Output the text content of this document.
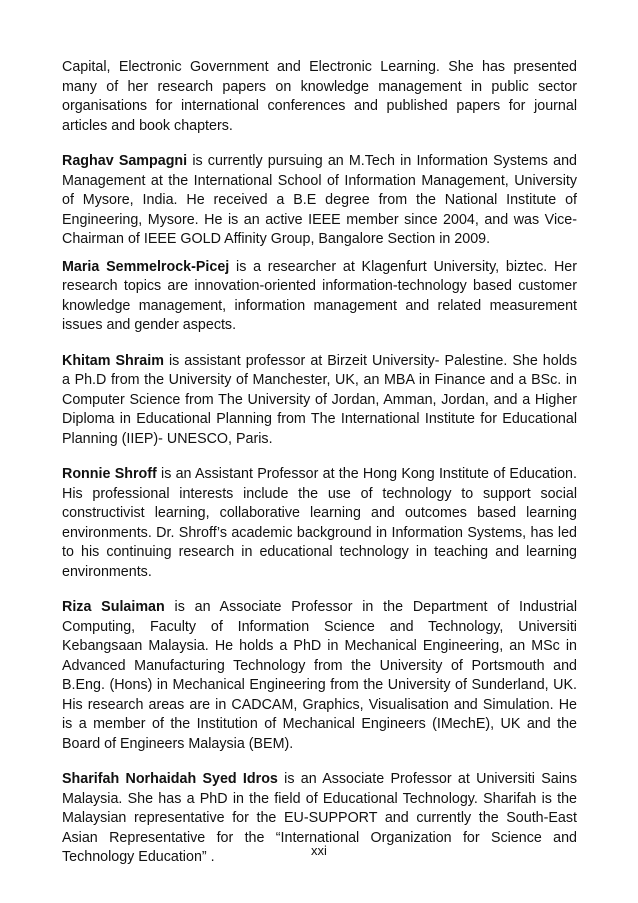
Capital, Electronic Government and Electronic Learning. She has presented many of her research papers on knowledge management in public sector organisations for international conferences and published papers for journal articles and book chapters.

Raghav Sampagni is currently pursuing an M.Tech in Information Systems and Management at the International School of Information Management, University of Mysore, India. He received a B.E degree from the National Institute of Engineering, Mysore. He is an active IEEE member since 2004, and was Vice-Chairman of IEEE GOLD Affinity Group, Bangalore Section in 2009.

Maria Semmelrock-Picej is a researcher at Klagenfurt University, biztec. Her research topics are innovation-oriented information-technology based customer knowledge management, information management and related measurement issues and gender aspects.

Khitam Shraim is assistant professor at Birzeit University- Palestine. She holds a Ph.D from the University of Manchester, UK, an MBA in Finance and a BSc. in Computer Science from The University of Jordan, Amman, Jordan, and a Higher Diploma in Educational Planning from The International Institute for Educational Planning (IIEP)- UNESCO, Paris.

Ronnie Shroff is an Assistant Professor at the Hong Kong Institute of Education. His professional interests include the use of technology to support social constructivist learning, collaborative learning and outcomes based learning environments. Dr. Shroff’s academic background in Information Systems, has led to his continuing research in educational technology in teaching and learning environments.

Riza Sulaiman is an Associate Professor in the Department of Industrial Computing, Faculty of Information Science and Technology, Universiti Kebangsaan Malaysia. He holds a PhD in Mechanical Engineering, an MSc in Advanced Manufacturing Technology from the University of Portsmouth and B.Eng. (Hons) in Mechanical Engineering from the University of Sunderland, UK. His research areas are in CADCAM, Graphics, Visualisation and Simulation. He is a member of the Institution of Mechanical Engineers (IMechE), UK and the Board of Engineers Malaysia (BEM).

Sharifah Norhaidah Syed Idros is an Associate Professor at Universiti Sains Malaysia. She has a PhD in the field of Educational Technology. Sharifah is the Malaysian representative for the EU-SUPPORT and currently the South-East Asian Representative for the “International Organization for Science and Technology Education” .	xxi
